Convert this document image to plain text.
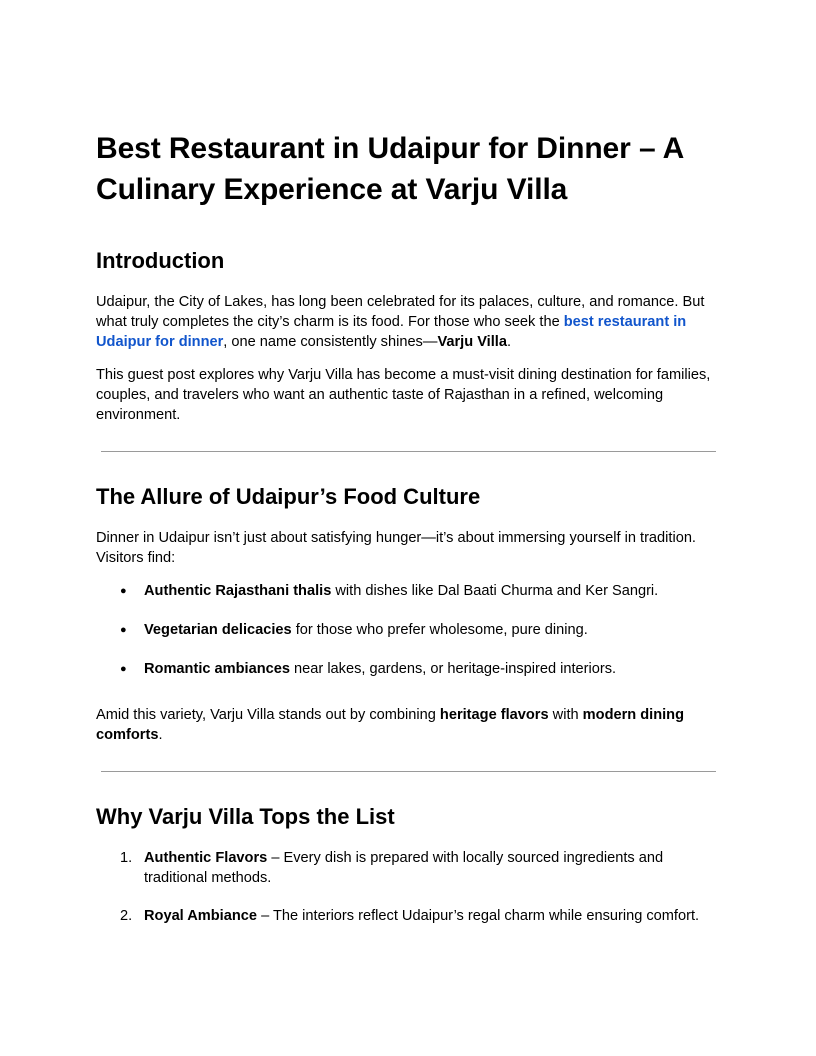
Best Restaurant in Udaipur for Dinner – A Culinary Experience at Varju Villa
Introduction

Udaipur, the City of Lakes, has long been celebrated for its palaces, culture, and romance. But what truly completes the city’s charm is its food. For those who seek the best restaurant in Udaipur for dinner, one name consistently shines—Varju Villa.

This guest post explores why Varju Villa has become a must-visit dining destination for families, couples, and travelers who want an authentic taste of Rajasthan in a refined, welcoming environment.

The Allure of Udaipur’s Food Culture

Dinner in Udaipur isn’t just about satisfying hunger—it’s about immersing yourself in tradition. Visitors find:

● Authentic Rajasthani thalis with dishes like Dal Baati Churma and Ker Sangri.
● Vegetarian delicacies for those who prefer wholesome, pure dining.
● Romantic ambiances near lakes, gardens, or heritage-inspired interiors.

Amid this variety, Varju Villa stands out by combining heritage flavors with modern dining comforts.

Why Varju Villa Tops the List
1. Authentic Flavors – Every dish is prepared with locally sourced ingredients and traditional methods.
2. Royal Ambiance – The interiors reflect Udaipur’s regal charm while ensuring comfort.
